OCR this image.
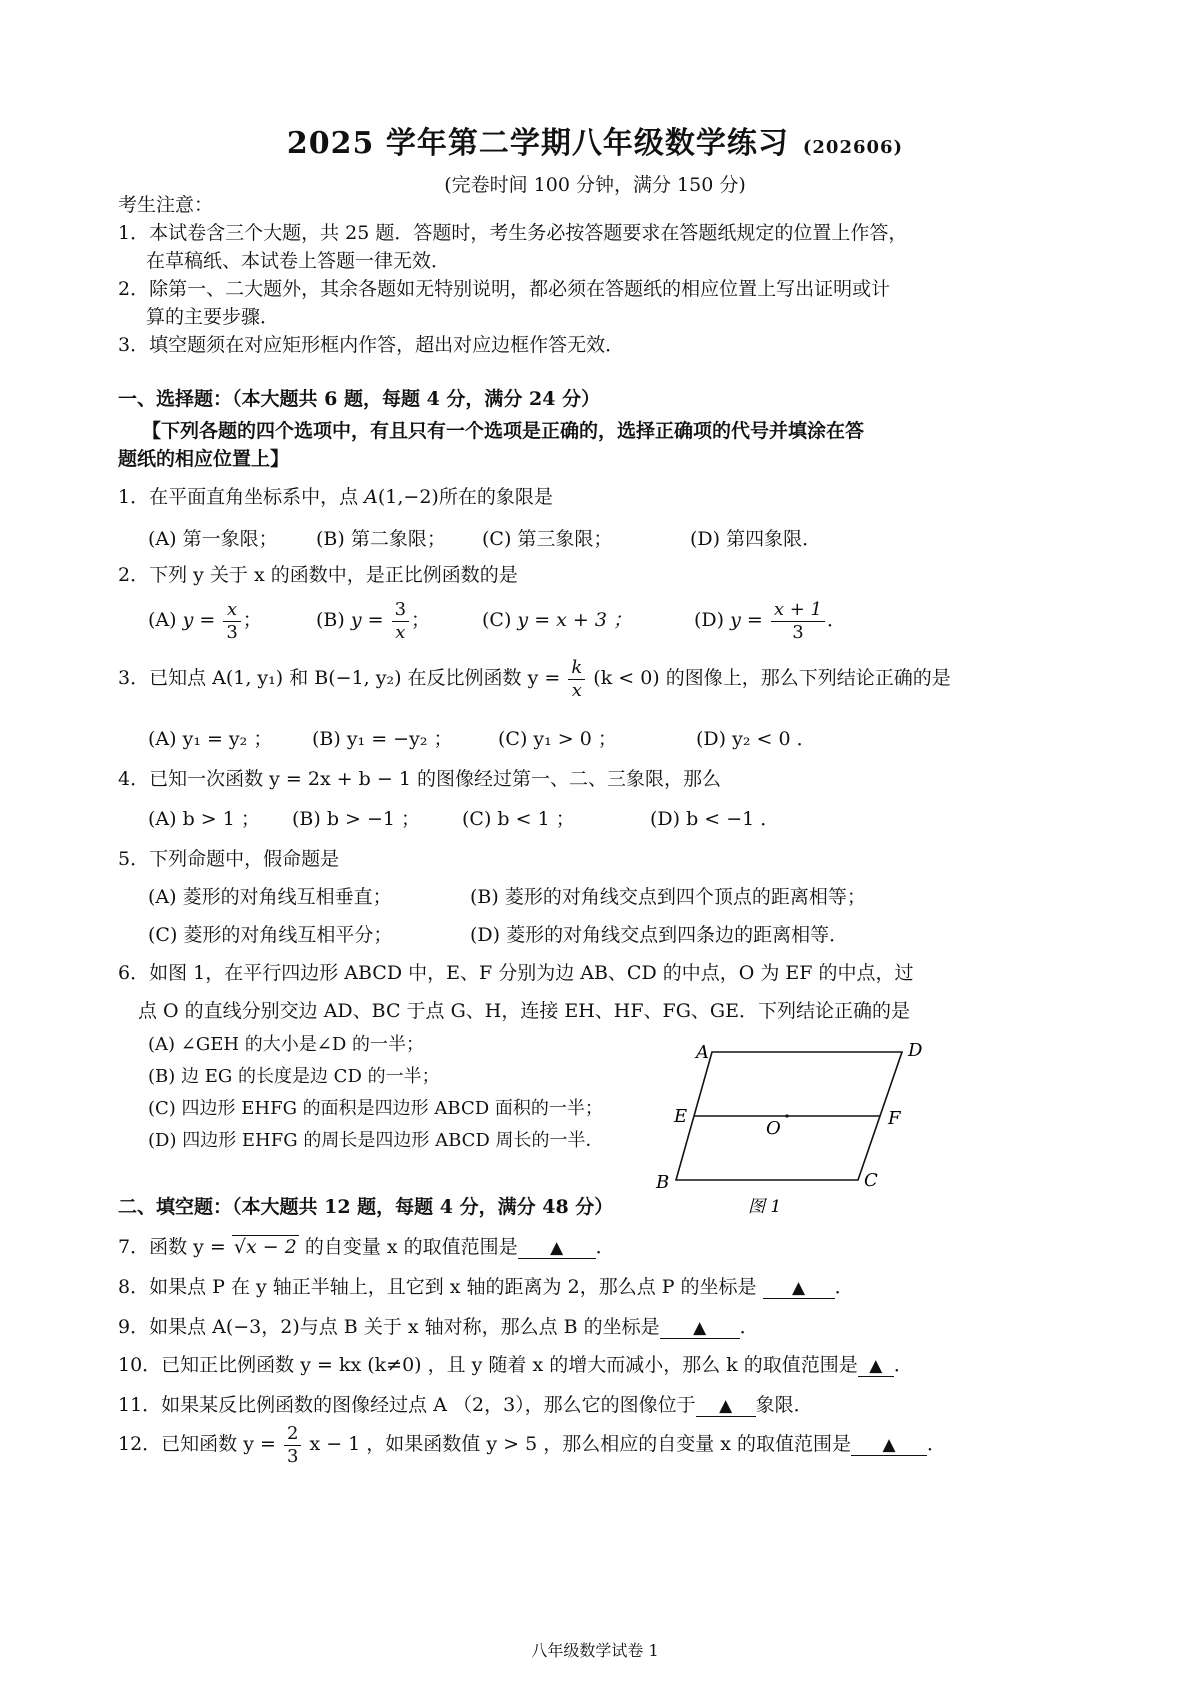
2025 学年第二学期八年级数学练习 (202606)
(完卷时间 100 分钟，满分 150 分)
考生注意：
1．本试卷含三个大题，共 25 题．答题时，考生务必按答题要求在答题纸规定的位置上作答，
在草稿纸、本试卷上答题一律无效．
2．除第一、二大题外，其余各题如无特别说明，都必须在答题纸的相应位置上写出证明或计
算的主要步骤．
3．填空题须在对应矩形框内作答，超出对应边框作答无效．
一、选择题：（本大题共 6 题，每题 4 分，满分 24 分）
【下列各题的四个选项中，有且只有一个选项是正确的，选择正确项的代号并填涂在答
题纸的相应位置上】
1．在平面直角坐标系中，点 A(1,−2)所在的象限是
(A) 第一象限； (B) 第二象限； (C) 第三象限；	(D) 第四象限．
2．下列 y 关于 x 的函数中，是正比例函数的是
(A) $y = \frac{x}{3}$ ；	(B) $y = \frac{3}{x}$ ；	(C) y = x + 3 ；	(D) $y = \frac{x + 1}{3}$ ．
3．已知点 A(1, y₁) 和 B(−1, y₂) 在反比例函数 $y = \frac{k}{x} (k < 0)$ 的图像上，那么下列结论正确的是
(A) y₁ = y₂ ； (B) y₁ = −y₂ ； (C) y₁ > 0 ；	(D) y₂ < 0 ．
4．已知一次函数 y = 2x + b − 1 的图像经过第一、二、三象限，那么
(A) b > 1 ； (B) b > −1 ； (C) b < 1 ；	(D) b < −1 ．
5．下列命题中，假命题是
(A) 菱形的对角线互相垂直；	(B) 菱形的对角线交点到四个顶点的距离相等；
(C) 菱形的对角线互相平分；	(D) 菱形的对角线交点到四条边的距离相等．
6．如图 1，在平行四边形 ABCD 中，E、F 分别为边 AB、CD 的中点，O 为 EF 的中点，过
点 O 的直线分别交边 AD、BC 于点 G、H，连接 EH、HF、FG、GE．下列结论正确的是
(A) ∠GEH 的大小是∠D 的一半；
(B) 边 EG 的长度是边 CD 的一半；
(C) 四边形 EHFG 的面积是四边形 ABCD 面积的一半；
(D) 四边形 EHFG 的周长是四边形 ABCD 周长的一半．
A	D
E
O	F
B	C
图 1
二、填空题：（本大题共 12 题，每题 4 分，满分 48 分）
7．函数 y = √x − 2 的自变量 x 的取值范围是 ▲ ．
8．如果点 P 在 y 轴正半轴上，且它到 x 轴的距离为 2，那么点 P 的坐标是 ▲ ．
9．如果点 A(−3，2)与点 B 关于 x 轴对称，那么点 B 的坐标是 ▲ ．
10．已知正比例函数 y = kx (k≠0) ，且 y 随着 x 的增大而减小，那么 k 的取值范围是 ▲ ．
11．如果某反比例函数的图像经过点 A （2，3），那么它的图像位于 ▲ 象限．
12．已知函数 $y = \frac{2}{3}$ x − 1 ，如果函数值 y > 5 ，那么相应的自变量 x 的取值范围是 ▲ ．
八年级数学试卷 1
